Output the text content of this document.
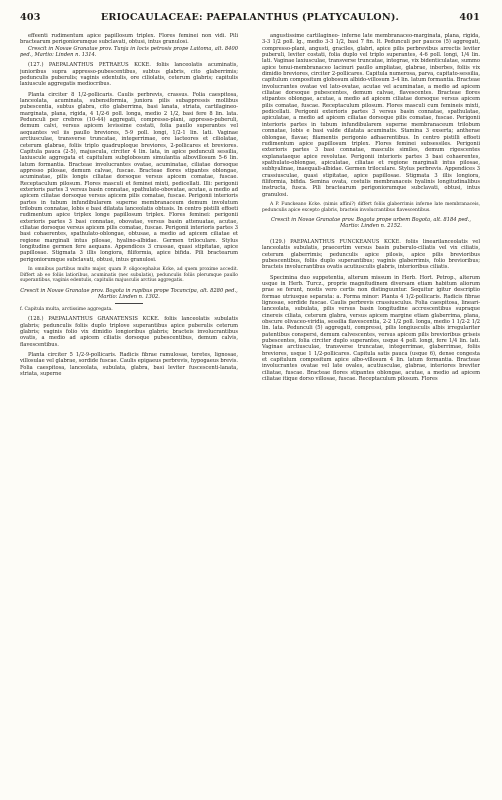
403	ERIOCAULACEAE: PAEPALANTHUS (PLATYCAULON).	401

effeenti rudimentum apice papillosum triplex. Flores feminei non vidi. Pili bractearum perigoniorumque subclavati, obtusi, intus granulosi.

Crescit in Novae Granatae prov. Tunja in locis petrosis prope Laitoma, alt. 8400 ped., Martio: Linden n. 1314.

(127.) PAEPALANTHUS PETRAEUS KCKE. foliis lanceolatis acuminatis, junioribus supra appresso-pubescentibus, subtus glabris, cito glaberrimis; pedunculis puberulis; vaginis edentulis, ore ciliolatis, ceterum glabris; capitulis laxiuscule aggregatis mediocribus.

Planta circiter 8 1/2-pollicaris. Caulis perbrevis, crassus. Folia caespitosa, lanceolata, acuminata, subensiformia, juniora pilis subappressis mollibus pubescentia, subtus glabra, cito glaberrima, basi lanata, striata, cartilagineo-marginata, plana, rigida, 4 1/2-6 poll. longa, medio 2 1/2, basi fere 8 lin. lata. Pedunculi per crebros (10-44) aggregati, compresso-plani, appresso-puberuli, demum calvi, versus apicem levissime costati, folia paullo superantes vel aequantes vel iis paullo breviores, 5-9 poll. longi, 1/2-1 lin. lati. Vaginae arctiusculae, transverse truncatae, integerrimae, ore lacteores et ciliolatae, ceterum glabrae, foliis triplo quadruploque breviores, 2-pollicares et breviores. Capitula pauca (2-5), majuscula, circiter 4 lin. lata, in apice pedunculi sessilia, laxiuscule aggregata et capitulum subglobosum simulantia albovillosum 5-6 lin. latum formantia. Bracteae involucrantes ovatae, acuminatae, ciliatae dorsoque appresso pilosae, demum calvae, fuscae. Bracteae flores stipantes oblongae, acuminatae, pilis longis ciliatae dorsoque versus apicem comatae, fuscae. Receptaculum pilosum. Flores masculi et feminei mixti, pedicellati. Illi: perigonii exterioris partes 3 versus basin connatae, spathulato-obovatae, acutae, a medio ad apicem ciliatae dorsoque versus apicem pilis comatae, fuscae. Perigonii interioris partes in tubum infundibularem superne membranaceum demum involutum trilobum connatae, lobis e basi dilatata lanceolatis obtusis. In centro pistilli effoeti rudimentum apice triplex longe papillosum triplex. Flores feminei: perigonii exterioris partes 3 basi connatae, obovatae, versus basin attenuatae, acutae, ciliatae dorsoque versus apicem pilis comatae, fuscae. Perigonii interioris partes 3 basi cohaerentes, spathulato-oblongae, obtusae, a medio ad apicem ciliatae et regione marginali intus pilosae, hyalino-albidae. Germen triloculare. Stylus longitudine germen fere aequans. Appendices 3 crassae, quasi stipitatae, apice papillosae. Stigmata 3 illis longiora, filiformia, apice bifida. Pili bractearum perigoniorumque subclavati, obtusi, intus granulosi.

In omnibus partibus multo major, quam P. oligocephalus Kcke, ad quem proxime accedit. Differt ab eo foliis latioribus, acuminatis (nec subulatis), pedunculis foliis plerumque paullo superantibus, vaginis edentulis, capitulis majusculis arctius aggregatis.

Crescit in Novae Granatae prov. Bogota in rupibus prope Tocancipa, alt. 8280 ped., Martio: Linden n. 1302.

f. Capitula multa, arctissime aggregata.

(128.) PAEPALANTHUS GRANATENSIS KCKE. foliis lanceolatis subulatis glabris; pedunculis foliis duplo triplove superantibus apice puberulis ceterum glabris; vaginis folio vix dimidio longioribus glabris; bracteis involucrantibus ovatis, a medio ad apicem ciliatis dorsoque pubescentibus, demum calvis, flavescentibus.

Planta circiter 5 1/2-9-pollicaris. Radicis fibrae ramulosae, teretes, lignosae, villosulae vel glabrae, sordide fuscae. Caulis epigaeus perbrevis, hypogaeus brevis. Folia caespitosa, lanceolata, subulata, glabra, basi leviter fuscescenti-lanata, striata, superne

angustissime cartilagineo- inferne late membranaceo-marginata, plana, rigida, 3-3 1/2 poll. lg., medio 3-3 1/2, basi 7 fin. lt. Pedunculi per paucos (5) aggregati, compresso-plani, angusti, graciles, glabri, apice pilis perbrevibus arrectis leviter puberuli, leviter costati, folia duplo vel triplo superantes, 4-6 poll. longi, 1/4 lin. lati. Vaginae laxiusculae, transverse truncatae, integrae, vix bidenticulatae, summo apice tenui-membranaceo lacinuri paullo ampliatae, glabrae, inberbes, foliis vix dimidio breviores, circiter 2-pollicares. Capitula numerosa, parva, capitato-sessilia, capitulum compositum globosum albido-villosum 3-4 lin. latum formantia. Bracteae involucrantes ovatae vel lato-ovatae, acutae vel acuminatae, a medio ad apicem ciliatae dorsoque pubescentes, demum calvae, flavescentes. Bracteae flores stipantes oblongae, acutae, a medio ad apicem ciliatae dorsoque versus apicem pilis comatae, fuscae. Receptaculum pilosum. Flores masculi cum femineis mixti, pedicellati. Perigonii exterioris partes 3 versus basin connatae, spathulatae, apiculatae, a medio ad apicem ciliatae dorsoque pilis comatae, fuscae. Perigonii interioris partes in tubum infundibularem superne membranaceum trilobum connatae, lobis e basi valde dilatata acuminatis. Stamina 3 exserta; antherae oblongae, flavae; filamentis perigonio adhaerentibus. In centro pistilli effoeti rudimentum apice papillosum triplex. Flores feminei subsessiles. Perigonii exterioris partes 3 basi connatae, masculis similes, demum rigescentes explanataeque apice revolutae. Perigonii interioris partes 3 basi cohaerentes, spathulato-oblongae, apiculatae, ciliatae et regione marginali intus pilosae, subhyalinae, inaequali-albidae. Germen triloculare. Stylus perbrevis. Appendices 3 crassiusculae, quasi stipitatae, apice papillosae. Stigmata 3 illis longiora, filiformia, bifida. Semina ovata, costulis membranaceis hyalinis longitudinalibus instructa, fusca. Pili bractearum perigoniorumque subclavati, obtusi, intus granulosi.

A P. Funckeano Kcke. (nimis affini?) differt foliis glaberrimis inferne late membranaceis, pedunculis apice excepto glabris, bracteis involucrantibus flavescentibus.

Crescit in Novae Granatae prov. Bogota prope urbem Bogota, alt. 8184 ped., Martio: Linden n. 2152.

(129.) PAEPALANTHUS FUNCKEANUS KCKE. foliis linearilanceolatis vel lanceolatis subulatis, praecertim versus basin puberulo-ciliatis vel vix ciliatis, ceterum glaberrimis; pedunculis apice pilosis, apice pilis brevioribus pubescentibus, foliis duplo superantibus; vaginis glaberrimis, folio brevioribus; bracteis involucrantibus ovatis acutiusculis glabris, interioribus ciliatis.

Specimina duo suppetentia, alterum missum in Herb. Hort. Petrop., alterum usque in Herb. Turcz., proprie magnitudinem diversam etiam habitum aliorum prae se ferunt, nostis vero certis non distinguuntur. Sequitur igitur descriptio formae utriusque separata: a. Forma minor: Planta 4 1/2-pollicaris. Radicis fibrae lignosae, sordide fuscae. Caulis perbrevis crassiusculus. Folia caespitosa, lineari-lanceolata, subulata, pilis versus basin longitudine accrescentibus supraque cinereis ciliata, ceterum glabra, versus apicem margine etiam glaberrima, plana, obscure olivaceo-viridia, sessilia flavescentia, 2-2 1/2 poll. longa, medio 1 1/2-2 1/2 lin. lata. Pedunculi (5) aggregati, compressi, pilis longiusculis albis irregulariter patentibus conspersi, demum calvescentes, versus apicem pilis brevioribus griseis pubescentes, folia circiter duplo superantes, usque 4 poll. longi, fere 1/4 lin. lati. Vaginae arctiusculae, transverse truncatae, integerrimae, glaberrimae, foliis breviores, usque 1 1/2-pollicares. Capitula satis pauca (usque 6), dense congesta et capitulum compositum apice albo-villosum 4 lin. latum formantia. Bracteae involucrantes ovatae vel late ovales, acutiusculae, glabrae, interiores breviter ciliatae, fuscae. Bracteae flores stipantes oblongae, acutae, a medio ad apicem ciliatae itique dorso villosae, fuscae. Receptaculum pilosum. Flores
